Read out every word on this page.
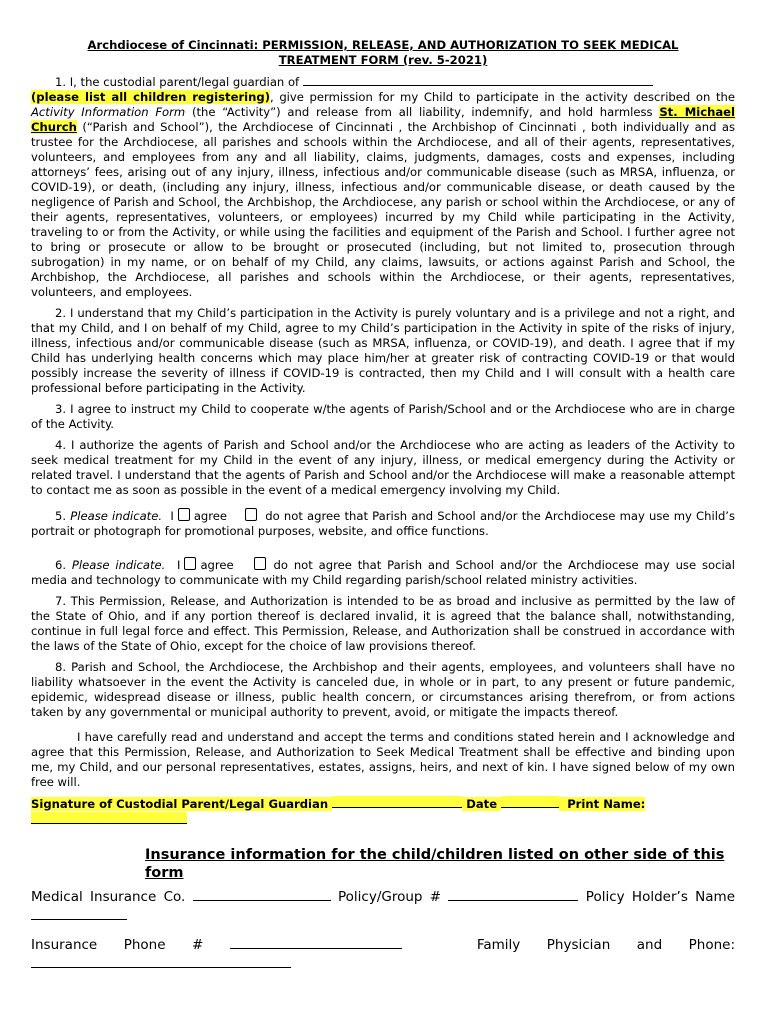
Archdiocese of Cincinnati: PERMISSION, RELEASE, AND AUTHORIZATION TO SEEK MEDICAL
TREATMENT FORM (rev. 5-2021)

1. I, the custodial parent/legal guardian of
(please list all children registering), give permission for my Child to participate in the activity described on the Activity Information Form (the “Activity”) and release from all liability, indemnify, and hold harmless St. Michael Church (“Parish and School”), the Archdiocese of Cincinnati , the Archbishop of Cincinnati , both individually and as trustee for the Archdiocese, all parishes and schools within the Archdiocese, and all of their agents, representatives, volunteers, and employees from any and all liability, claims, judgments, damages, costs and expenses, including attorneys’ fees, arising out of any injury, illness, infectious and/or communicable disease (such as MRSA, influenza, or COVID-19), or death, (including any injury, illness, infectious and/or communicable disease, or death caused by the negligence of Parish and School, the Archbishop, the Archdiocese, any parish or school within the Archdiocese, or any of their agents, representatives, volunteers, or employees) incurred by my Child while participating in the Activity, traveling to or from the Activity, or while using the facilities and equipment of the Parish and School. I further agree not to bring or prosecute or allow to be brought or prosecuted (including, but not limited to, prosecution through subrogation) in my name, or on behalf of my Child, any claims, lawsuits, or actions against Parish and School, the Archbishop, the Archdiocese, all parishes and schools within the Archdiocese, or their agents, representatives, volunteers, and employees.

2. I understand that my Child’s participation in the Activity is purely voluntary and is a privilege and not a right, and that my Child, and I on behalf of my Child, agree to my Child’s participation in the Activity in spite of the risks of injury, illness, infectious and/or communicable disease (such as MRSA, influenza, or COVID-19), and death. I agree that if my Child has underlying health concerns which may place him/her at greater risk of contracting COVID-19 or that would possibly increase the severity of illness if COVID-19 is contracted, then my Child and I will consult with a health care professional before participating in the Activity.

3. I agree to instruct my Child to cooperate w/the agents of Parish/School and or the Archdiocese who are in charge of the Activity.

4. I authorize the agents of Parish and School and/or the Archdiocese who are acting as leaders of the Activity to seek medical treatment for my Child in the event of any injury, illness, or medical emergency during the Activity or related travel. I understand that the agents of Parish and School and/or the Archdiocese will make a reasonable attempt to contact me as soon as possible in the event of a medical emergency involving my Child.

5. Please indicate. I agree	do not agree that Parish and School and/or the Archdiocese may use my Child’s portrait or photograph for promotional purposes, website, and office functions.

6. Please indicate. I agree	do not agree that Parish and School and/or the Archdiocese may use social media and technology to communicate with my Child regarding parish/school related ministry activities.

7. This Permission, Release, and Authorization is intended to be as broad and inclusive as permitted by the law of the State of Ohio, and if any portion thereof is declared invalid, it is agreed that the balance shall, notwithstanding, continue in full legal force and effect. This Permission, Release, and Authorization shall be construed in accordance with the laws of the State of Ohio, except for the choice of law provisions thereof.

8. Parish and School, the Archdiocese, the Archbishop and their agents, employees, and volunteers shall have no liability whatsoever in the event the Activity is canceled due, in whole or in part, to any present or future pandemic, epidemic, widespread disease or illness, public health concern, or circumstances arising therefrom, or from actions taken by any governmental or municipal authority to prevent, avoid, or mitigate the impacts thereof.

I have carefully read and understand and accept the terms and conditions stated herein and I acknowledge and agree that this Permission, Release, and Authorization to Seek Medical Treatment shall be effective and binding upon me, my Child, and our personal representatives, estates, assigns, heirs, and next of kin. I have signed below of my own free will.

Signature of Custodial Parent/Legal Guardian	Date	Print Name:

Insurance information for the child/children listed on other side of this form

Medical Insurance Co.	Policy/Group #	Policy Holder’s Name

Insurance Phone #	Family Physician and Phone:
